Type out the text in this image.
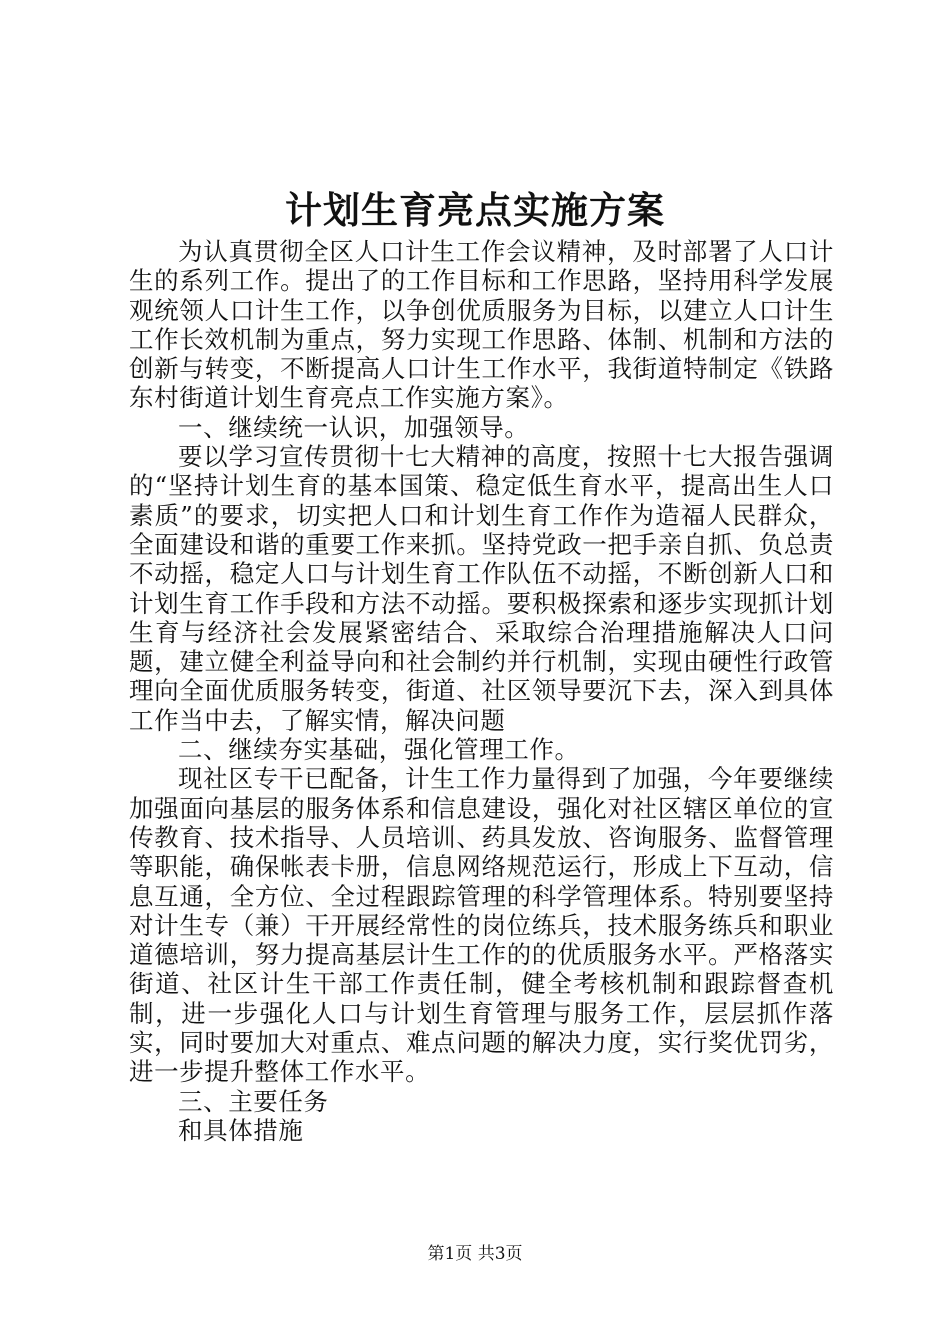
计划生育亮点实施方案

为认真贯彻全区人口计生工作会议精神，及时部署了人口计生的系列工作。提出了的工作目标和工作思路，坚持用科学发展观统领人口计生工作，以争创优质服务为目标，以建立人口计生工作长效机制为重点，努力实现工作思路、体制、机制和方法的创新与转变，不断提高人口计生工作水平，我街道特制定《铁路东村街道计划生育亮点工作实施方案》。

一、继续统一认识，加强领导。

要以学习宣传贯彻十七大精神的高度，按照十七大报告强调的“坚持计划生育的基本国策、稳定低生育水平，提高出生人口素质”的要求，切实把人口和计划生育工作作为造福人民群众，全面建设和谐的重要工作来抓。坚持党政一把手亲自抓、负总责不动摇，稳定人口与计划生育工作队伍不动摇，不断创新人口和计划生育工作手段和方法不动摇。要积极探索和逐步实现抓计划生育与经济社会发展紧密结合、采取综合治理措施解决人口问题，建立健全利益导向和社会制约并行机制，实现由硬性行政管理向全面优质服务转变，街道、社区领导要沉下去，深入到具体工作当中去，了解实情，解决问题

二、继续夯实基础，强化管理工作。

现社区专干已配备，计生工作力量得到了加强，今年要继续加强面向基层的服务体系和信息建设，强化对社区辖区单位的宣传教育、技术指导、人员培训、药具发放、咨询服务、监督管理等职能，确保帐表卡册，信息网络规范运行，形成上下互动，信息互通，全方位、全过程跟踪管理的科学管理体系。特别要坚持对计生专（兼）干开展经常性的岗位练兵，技术服务练兵和职业道德培训，努力提高基层计生工作的的优质服务水平。严格落实街道、社区计生干部工作责任制，健全考核机制和跟踪督查机制，进一步强化人口与计划生育管理与服务工作，层层抓作落实，同时要加大对重点、难点问题的解决力度，实行奖优罚劣，进一步提升整体工作水平。

三、主要任务

和具体措施

第1页 共3页
